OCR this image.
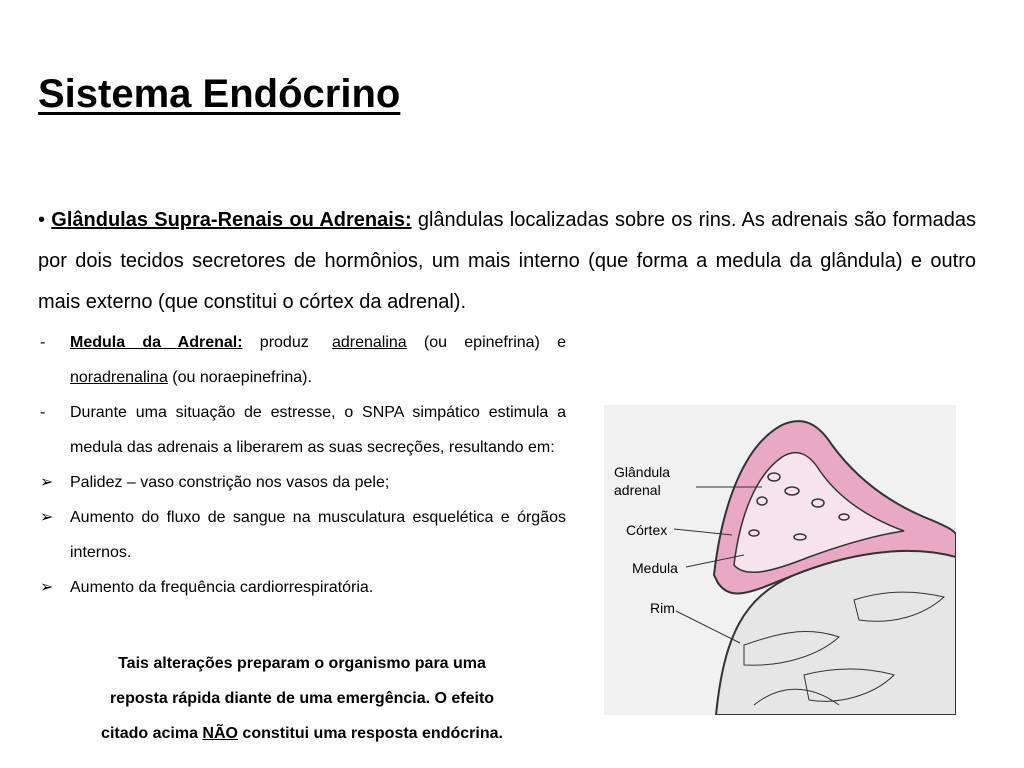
Sistema Endócrino

• Glândulas Supra-Renais ou Adrenais: glândulas localizadas sobre os rins. As adrenais são formadas por dois tecidos secretores de hormônios, um mais interno (que forma a medula da glândula) e outro mais externo (que constitui o córtex da adrenal).

- Medula da Adrenal: produz adrenalina (ou epinefrina) e noradrenalina (ou noraepinefrina).
- Durante uma situação de estresse, o SNPA simpático estimula a medula das adrenais a liberarem as suas secreções, resultando em:
➢ Palidez – vaso constrição nos vasos da pele;
➢ Aumento do fluxo de sangue na musculatura esquelética e órgãos internos.
➢ Aumento da frequência cardiorrespiratória.

Tais alterações preparam o organismo para uma
reposta rápida diante de uma emergência. O efeito
citado acima NÃO constitui uma resposta endócrina.

Glândula
adrenal
Córtex
Medula
Rim
